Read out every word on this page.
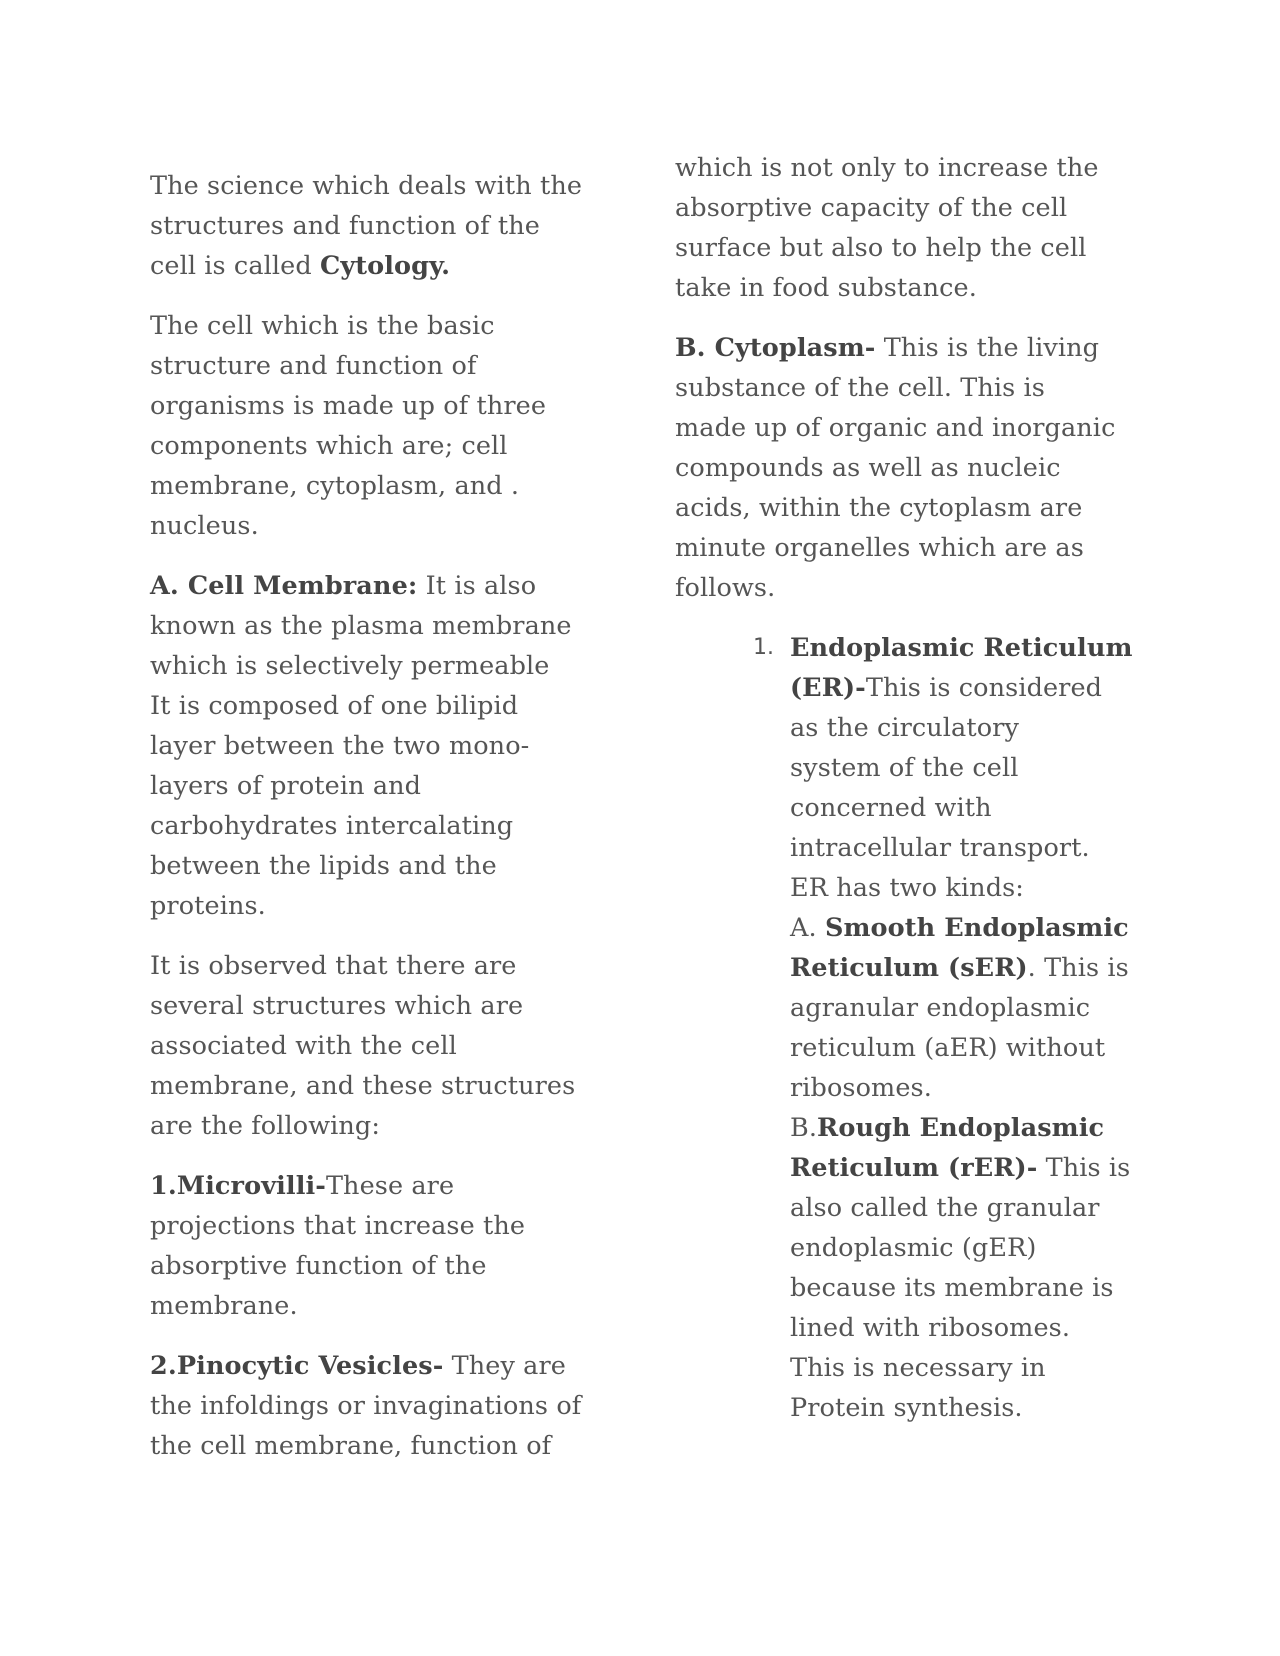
The science which deals with the
structures and function of the
cell is called Cytology.
The cell which is the basic
structure and function of
organisms is made up of three
components which are; cell
membrane, cytoplasm, and .
nucleus.
A. Cell Membrane: It is also
known as the plasma membrane
which is selectively permeable
It is composed of one bilipid
layer between the two mono-
layers of protein and
carbohydrates intercalating
between the lipids and the
proteins.
It is observed that there are
several structures which are
associated with the cell
membrane, and these structures
are the following:
1.Microvilli-These are
projections that increase the
absorptive function of the
membrane.
2.Pinocytic Vesicles- They are
the infoldings or invaginations of
the cell membrane, function of
which is not only to increase the
absorptive capacity of the cell
surface but also to help the cell
take in food substance.
B. Cytoplasm- This is the living
substance of the cell. This is
made up of organic and inorganic
compounds as well as nucleic
acids, within the cytoplasm are
minute organelles which are as
follows.
1. Endoplasmic Reticulum
(ER)-This is considered
as the circulatory
system of the cell
concerned with
intracellular transport.
ER has two kinds:
A. Smooth Endoplasmic
Reticulum (sER). This is
agranular endoplasmic
reticulum (aER) without
ribosomes.
B.Rough Endoplasmic
Reticulum (rER)- This is
also called the granular
endoplasmic (gER)
because its membrane is
lined with ribosomes.
This is necessary in
Protein synthesis.
